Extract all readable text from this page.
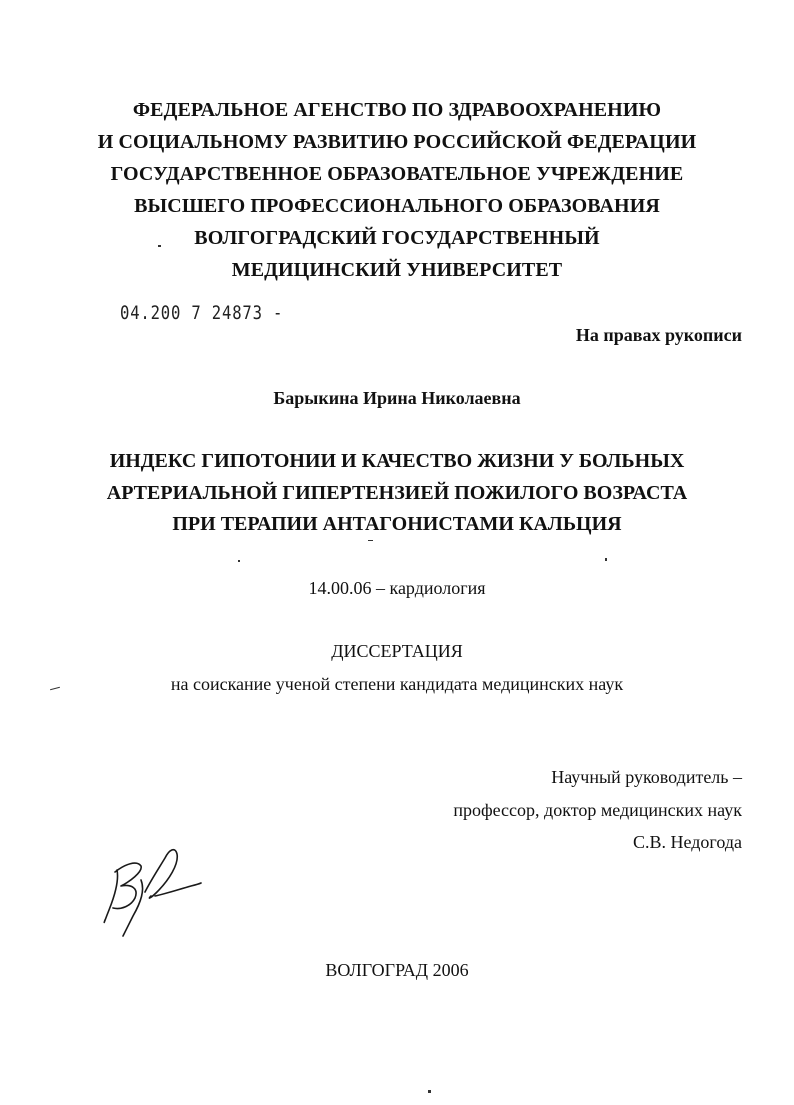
ФЕДЕРАЛЬНОЕ АГЕНСТВО ПО ЗДРАВООХРАНЕНИЮ
И СОЦИАЛЬНОМУ РАЗВИТИЮ РОССИЙСКОЙ ФЕДЕРАЦИИ
ГОСУДАРСТВЕННОЕ ОБРАЗОВАТЕЛЬНОЕ УЧРЕЖДЕНИЕ
ВЫСШЕГО ПРОФЕССИОНАЛЬНОГО ОБРАЗОВАНИЯ
ВОЛГОГРАДСКИЙ ГОСУДАРСТВЕННЫЙ
МЕДИЦИНСКИЙ УНИВЕРСИТЕТ
04.200 7 24873 -
На правах рукописи
Барыкина Ирина Николаевна
ИНДЕКС ГИПОТОНИИ И КАЧЕСТВО ЖИЗНИ У БОЛЬНЫХ
АРТЕРИАЛЬНОЙ ГИПЕРТЕНЗИЕЙ ПОЖИЛОГО ВОЗРАСТА
ПРИ ТЕРАПИИ АНТАГОНИСТАМИ КАЛЬЦИЯ
14.00.06 – кардиология
ДИССЕРТАЦИЯ
на соискание ученой степени кандидата медицинских наук
Научный руководитель –
профессор, доктор медицинских наук
С.В. Недогода
ВОЛГОГРАД 2006
